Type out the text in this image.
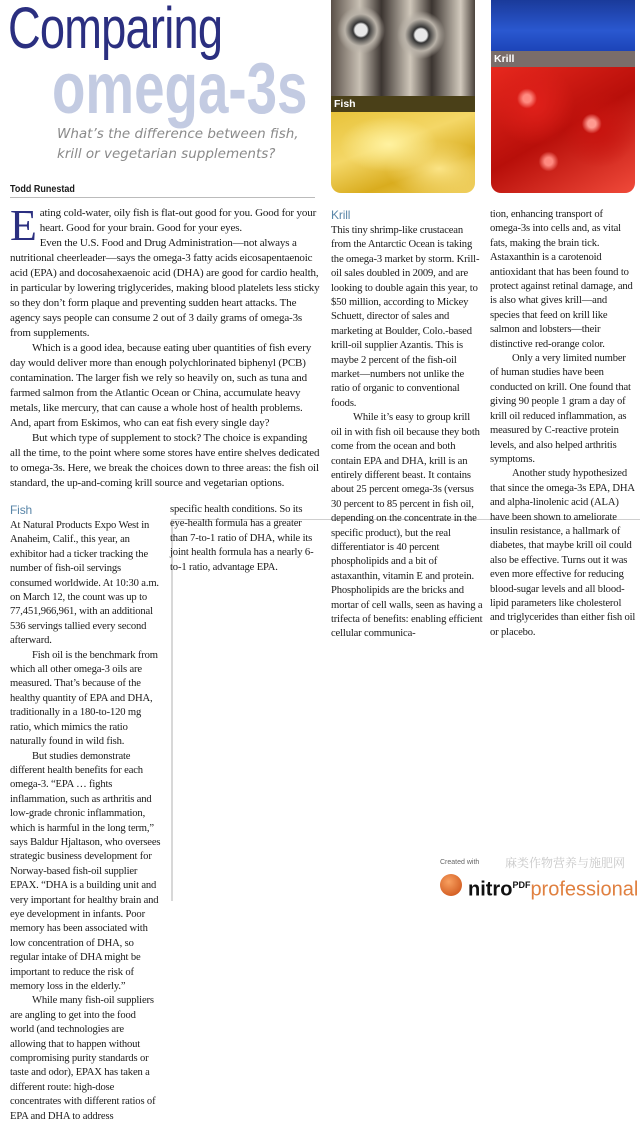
Comparing
omega-3s
What’s the difference between fish, krill or vegetarian supplements?
Todd Runestad
Fish
Krill

Eating cold-water, oily fish is flat-out good for you. Good for your heart. Good for your brain. Good for your eyes.

Even the U.S. Food and Drug Administration—not always a nutritional cheerleader—says the omega-3 fatty acids eicosapentaenoic acid (EPA) and docosahexaenoic acid (DHA) are good for cardio health, in particular by lowering triglycerides, making blood platelets less sticky so they don’t form plaque and preventing sudden heart attacks. The agency says people can consume 2 out of 3 daily grams of omega-3s from supplements.

Which is a good idea, because eating uber quantities of fish every day would deliver more than enough polychlorinated biphenyl (PCB) contamination. The larger fish we rely so heavily on, such as tuna and farmed salmon from the Atlantic Ocean or China, accumulate heavy metals, like mercury, that can cause a whole host of health problems. And, apart from Eskimos, who can eat fish every single day?

But which type of supplement to stock? The choice is expanding all the time, to the point where some stores have entire shelves dedicated to omega-3s. Here, we break the choices down to three areas: the fish oil standard, the up-and-coming krill source and vegetarian options.

Fish

At Natural Products Expo West in Anaheim, Calif., this year, an exhibitor had a ticker tracking the number of fish-oil servings consumed worldwide. At 10:30 a.m. on March 12, the count was up to 77,451,966,961, with an additional 536 servings tallied every second afterward.

Fish oil is the benchmark from which all other omega-3 oils are measured. That’s because of the healthy quantity of EPA and DHA, traditionally in a 180-to-120 mg ratio, which mimics the ratio naturally found in wild fish.

But studies demonstrate different health benefits for each omega-3. “EPA … fights inflammation, such as arthritis and low-grade chronic inflammation, which is harmful in the long term,” says Baldur Hjaltason, who oversees strategic business development for Norway-based fish-oil supplier EPAX. “DHA is a building unit and very important for healthy brain and eye development in infants. Poor memory has been associated with low concentration of DHA, so regular intake of DHA might be important to reduce the risk of memory loss in the elderly.”

While many fish-oil suppliers are angling to get into the food world (and technologies are allowing that to happen without compromising purity standards or taste and odor), EPAX has taken a different route: high-dose concentrates with different ratios of EPA and DHA to address

specific health conditions. So its eye-health formula has a greater than 7-to-1 ratio of DHA, while its joint health formula has a nearly 6-to-1 ratio, advantage EPA.

Krill

This tiny shrimp-like crustacean from the Antarctic Ocean is taking the omega-3 market by storm. Krill-oil sales doubled in 2009, and are looking to double again this year, to $50 million, according to Mickey Schuett, director of sales and marketing at Boulder, Colo.-based krill-oil supplier Azantis. This is maybe 2 percent of the fish-oil market—numbers not unlike the ratio of organic to conventional foods.

While it’s easy to group krill oil in with fish oil because they both come from the ocean and both contain EPA and DHA, krill is an entirely different beast. It contains about 25 percent omega-3s (versus 30 percent to 85 percent in fish oil, depending on the concentrate in the specific product), but the real differentiator is 40 percent phospholipids and a bit of astaxanthin, vitamin E and protein. Phospholipids are the bricks and mortar of cell walls, seen as having a trifecta of benefits: enabling efficient cellular communica-

tion, enhancing transport of omega-3s into cells and, as vital fats, making the brain tick. Astaxanthin is a carotenoid antioxidant that has been found to protect against retinal damage, and is also what gives krill—and species that feed on krill like salmon and lobsters—their distinctive red-orange color.

Only a very limited number of human studies have been conducted on krill. One found that giving 90 people 1 gram a day of krill oil reduced inflammation, as measured by C-reactive protein levels, and also helped arthritis symptoms.

Another study hypothesized that since the omega-3s EPA, DHA and alpha-linolenic acid (ALA) have been shown to ameliorate insulin resistance, a hallmark of diabetes, that maybe krill oil could also be effective. Turns out it was even more effective for reducing blood-sugar levels and all blood-lipid parameters like cholesterol and triglycerides than either fish oil or placebo.

Created with 麻类作物营养与施肥网
nitro$^{PDF}$professional
